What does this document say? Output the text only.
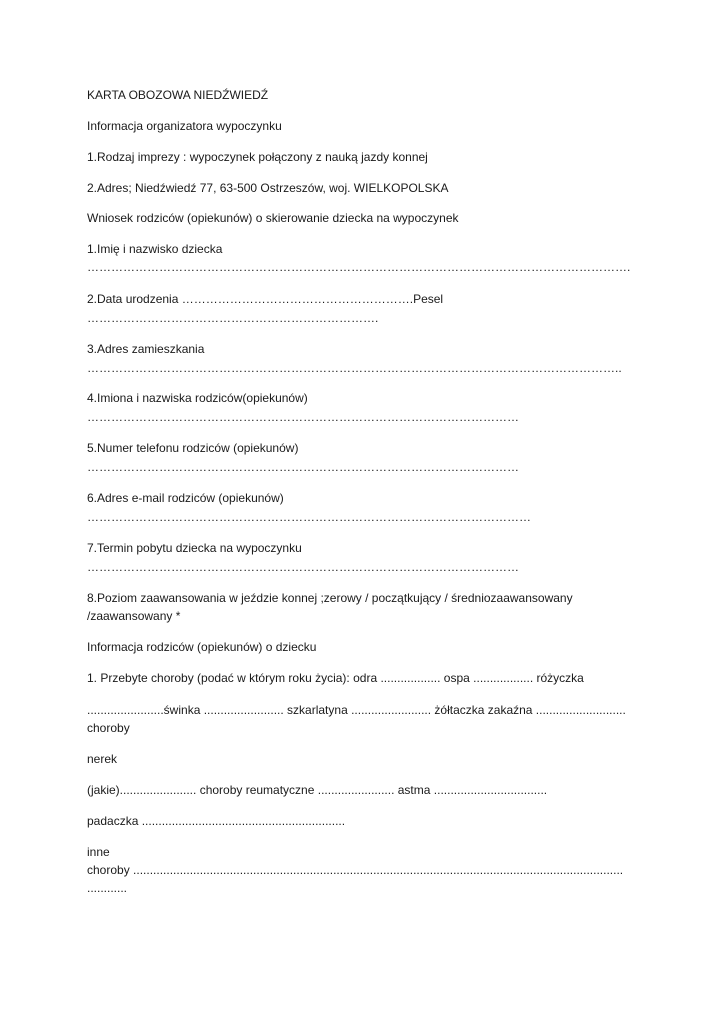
KARTA OBOZOWA NIEDŹWIEDŹ

Informacja organizatora wypoczynku

1.Rodzaj imprezy : wypoczynek połączony z nauką jazdy konnej

2.Adres; Niedźwiedź 77, 63-500 Ostrzeszów, woj. WIELKOPOLSKA

Wniosek rodziców (opiekunów) o skierowanie dziecka na wypoczynek

1.Imię i nazwisko dziecka

……………………………………………………………………………………………………………………….

2.Data urodzenia ………………………………………………….Pesel

……………………………………………………………….

3.Adres zamieszkania

……………………………………………………………………………………………………………………..

4.Imiona i nazwiska rodziców(opiekunów)

………………………………………………………………………………………………

5.Numer telefonu rodziców (opiekunów)

………………………………………………………………………………………………

6.Adres e-mail rodziców (opiekunów)

…………………………………………………………………………………………………

7.Termin pobytu dziecka na wypoczynku

………………………………………………………………………………………………

8.Poziom zaawansowania w jeździe konnej ;zerowy / początkujący / średniozaawansowany

/zaawansowany *

Informacja rodziców (opiekunów) o dziecku

1. Przebyte choroby (podać w którym roku życia): odra .................. ospa .................. różyczka

.......................świnka ........................ szkarlatyna ........................ żółtaczka zakaźna ...........................

choroby

nerek

(jakie)....................... choroby reumatyczne ....................... astma ..................................

padaczka .............................................................

inne

choroby ...................................................................................................................................................

............
